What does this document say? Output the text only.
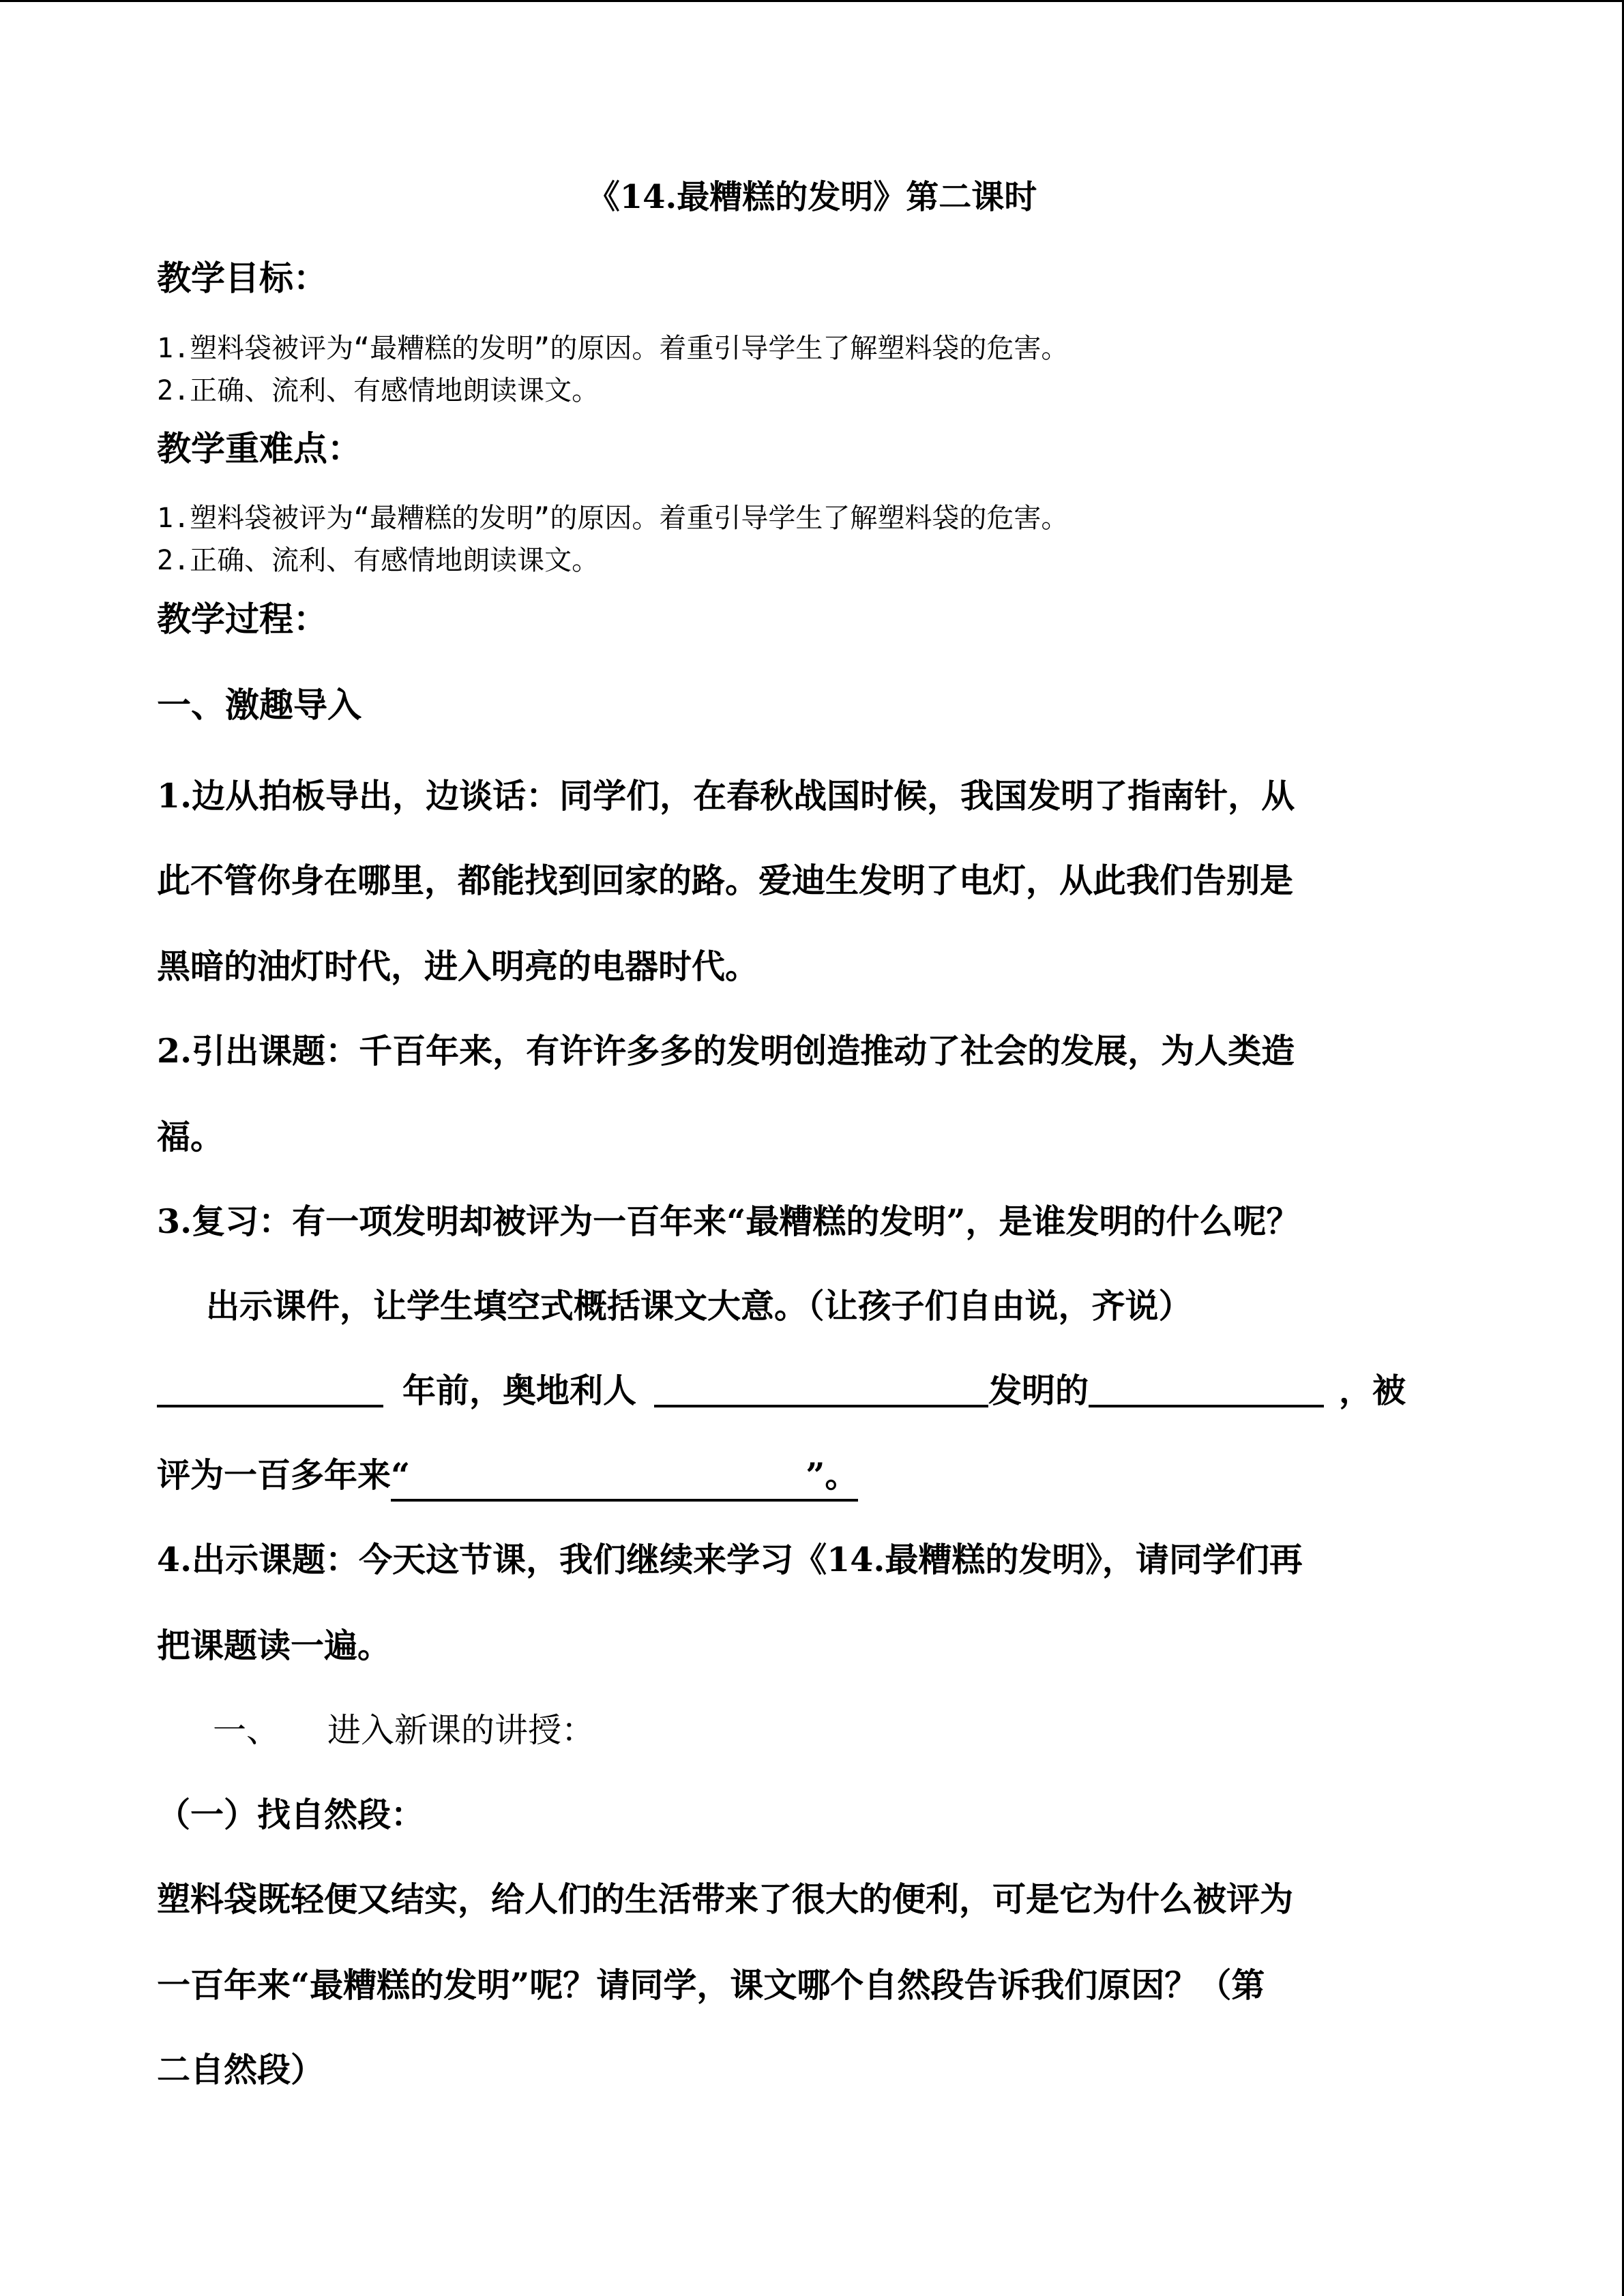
《14.最糟糕的发明》第二课时
教学目标：
1.塑料袋被评为“最糟糕的发明”的原因。着重引导学生了解塑料袋的危害。
2.正确、流利、有感情地朗读课文。
教学重难点：
1.塑料袋被评为“最糟糕的发明”的原因。着重引导学生了解塑料袋的危害。
2.正确、流利、有感情地朗读课文。
教学过程：
一、激趣导入
1.边从拍板导出，边谈话：同学们，在春秋战国时候，我国发明了指南针，从
此不管你身在哪里，都能找到回家的路。爱迪生发明了电灯，从此我们告别是
黑暗的油灯时代，进入明亮的电器时代。
2.引出课题：千百年来，有许许多多的发明创造推动了社会的发展，为人类造
福。
3.复习：有一项发明却被评为一百年来“最糟糕的发明”，是谁发明的什么呢？
出示课件，让学生填空式概括课文大意。（让孩子们自由说，齐说）
年前，奥地利人	发明的	，被
评为一百多年来“	”。
4.出示课题：今天这节课，我们继续来学习《14.最糟糕的发明》，请同学们再
把课题读一遍。
一、 进入新课的讲授：
（一）找自然段：
塑料袋既轻便又结实，给人们的生活带来了很大的便利，可是它为什么被评为
一百年来“最糟糕的发明”呢？请同学，课文哪个自然段告诉我们原因？（第
二自然段）
